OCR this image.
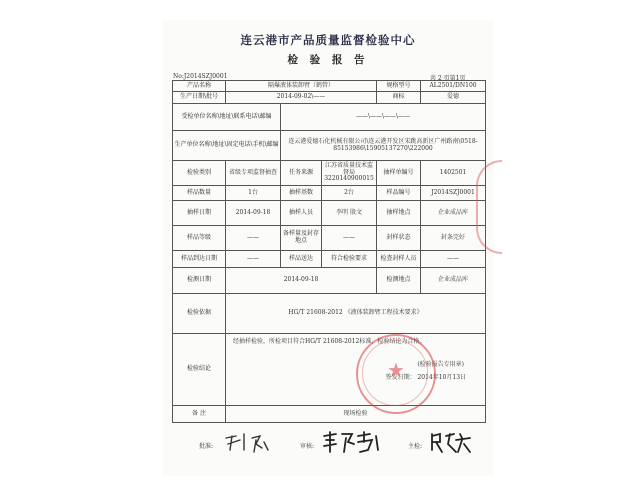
连云港市产品质量监督检验中心
检 验 报 告
No:J2014SZJ0001	共 2 页第1页
产品名称	隔爆液体装卸臂（鹤管）			规格型号	AL2501/DN100
生产日期\批号	2014-09-02\——			商标	爱德
受检单位名称\地址\联系电话\邮编		——\——\——\——			
生产单位名称\地址\固定电话\手机\邮编		连云港爱德石化机械有限公司\连云港开发区宋跳高新区广州路南\0518-85153986\15905137270\222000			
检验类别	省级专项监督抽查	任务来源	江苏省质量技术监督局 3220140900015	抽样单编号	1402501
样品数量	1台	抽样基数	2台	样品编号	J2014SZJ0001
抽样日期	2014-09-18	抽样人员	李明 殷文	抽样地点	企业成品库
样品等级	——	备样量及封存地点	——	封样状态	封条完好
样品到达日期	——	样品送达	符合检验要求	检查封样人员	——
检测日期	2014-09-18			检测地点	企业成品库
检验依据	HG/T 21608-2012 《液体装卸臂工程技术要求》				
检验结论	经抽样检验，所检项目符合HG/T 21608-2012标准，检验结论为合格。
(检验报告专用章)
签发日期： 2014年10月13日				

备 注	现场检验				
★
批准:	审核:	主检:
